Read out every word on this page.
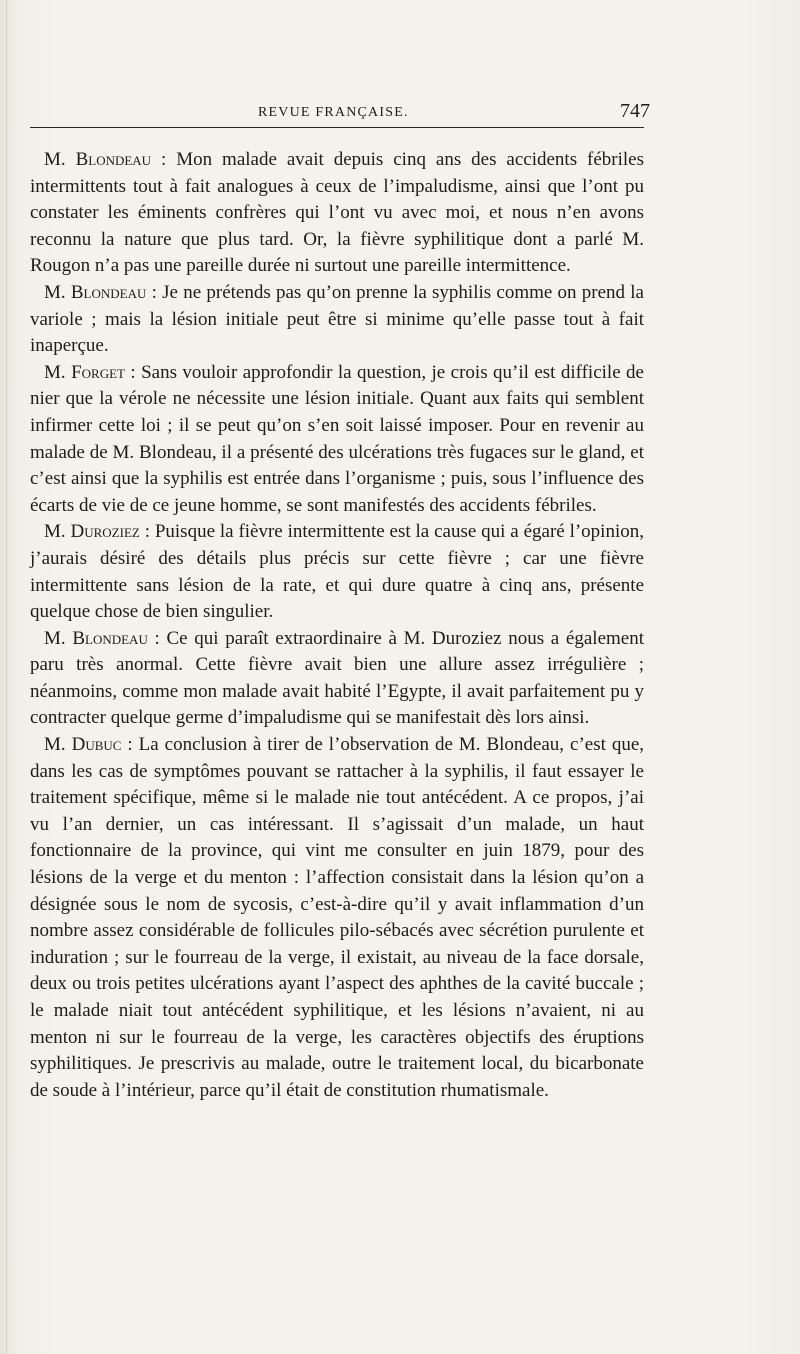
REVUE FRANÇAISE.	747

M. Blondeau : Mon malade avait depuis cinq ans des accidents fébriles intermittents tout à fait analogues à ceux de l’impaludisme, ainsi que l’ont pu constater les éminents confrères qui l’ont vu avec moi, et nous n’en avons reconnu la nature que plus tard. Or, la fièvre syphilitique dont a parlé M. Rougon n’a pas une pareille durée ni surtout une pareille intermittence.

M. Blondeau : Je ne prétends pas qu’on prenne la syphilis comme on prend la variole ; mais la lésion initiale peut être si minime qu’elle passe tout à fait inaperçue.

M. Forget : Sans vouloir approfondir la question, je crois qu’il est difficile de nier que la vérole ne nécessite une lésion initiale. Quant aux faits qui semblent infirmer cette loi ; il se peut qu’on s’en soit laissé imposer. Pour en revenir au malade de M. Blondeau, il a présenté des ulcérations très fugaces sur le gland, et c’est ainsi que la syphilis est entrée dans l’organisme ; puis, sous l’influence des écarts de vie de ce jeune homme, se sont manifestés des accidents fébriles.

M. Duroziez : Puisque la fièvre intermittente est la cause qui a égaré l’opinion, j’aurais désiré des détails plus précis sur cette fièvre ; car une fièvre intermittente sans lésion de la rate, et qui dure quatre à cinq ans, présente quelque chose de bien singulier.

M. Blondeau : Ce qui paraît extraordinaire à M. Duroziez nous a également paru très anormal. Cette fièvre avait bien une allure assez irrégulière ; néanmoins, comme mon malade avait habité l’Egypte, il avait parfaitement pu y contracter quelque germe d’impaludisme qui se manifestait dès lors ainsi.

M. Dubuc : La conclusion à tirer de l’observation de M. Blondeau, c’est que, dans les cas de symptômes pouvant se rattacher à la syphilis, il faut essayer le traitement spécifique, même si le malade nie tout antécédent. A ce propos, j’ai vu l’an dernier, un cas intéressant. Il s’agissait d’un malade, un haut fonctionnaire de la province, qui vint me consulter en juin 1879, pour des lésions de la verge et du menton : l’affection consistait dans la lésion qu’on a désignée sous le nom de sycosis, c’est-à-dire qu’il y avait inflammation d’un nombre assez considérable de follicules pilo-sébacés avec sécrétion purulente et induration ; sur le fourreau de la verge, il existait, au niveau de la face dorsale, deux ou trois petites ulcérations ayant l’aspect des aphthes de la cavité buccale ; le malade niait tout antécédent syphilitique, et les lésions n’avaient, ni au menton ni sur le fourreau de la verge, les caractères objectifs des éruptions syphilitiques. Je prescrivis au malade, outre le traitement local, du bicarbonate de soude à l’intérieur, parce qu’il était de constitution rhumatismale.
